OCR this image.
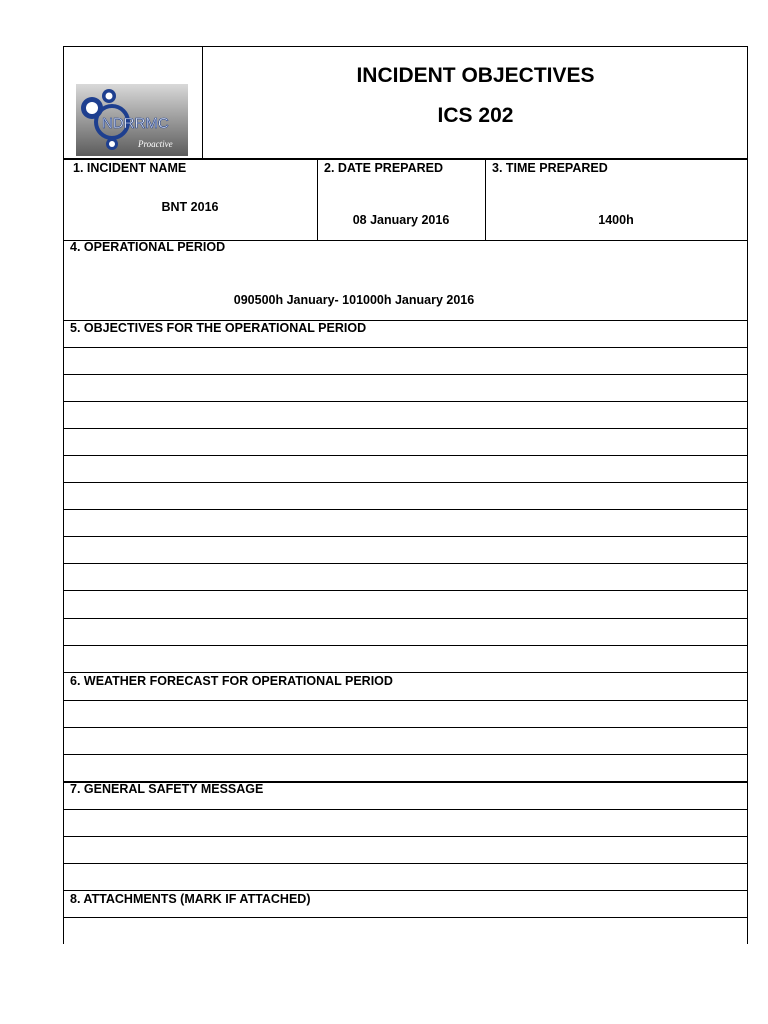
NDRRMC
Proactive
INCIDENT OBJECTIVES
ICS 202
1. INCIDENT NAME
BNT 2016
2. DATE PREPARED
08 January 2016
3. TIME PREPARED
1400h
4. OPERATIONAL PERIOD
090500h January- 101000h January 2016
5. OBJECTIVES FOR THE OPERATIONAL PERIOD
6. WEATHER FORECAST FOR OPERATIONAL PERIOD
7. GENERAL SAFETY MESSAGE
8. ATTACHMENTS (MARK IF ATTACHED)
